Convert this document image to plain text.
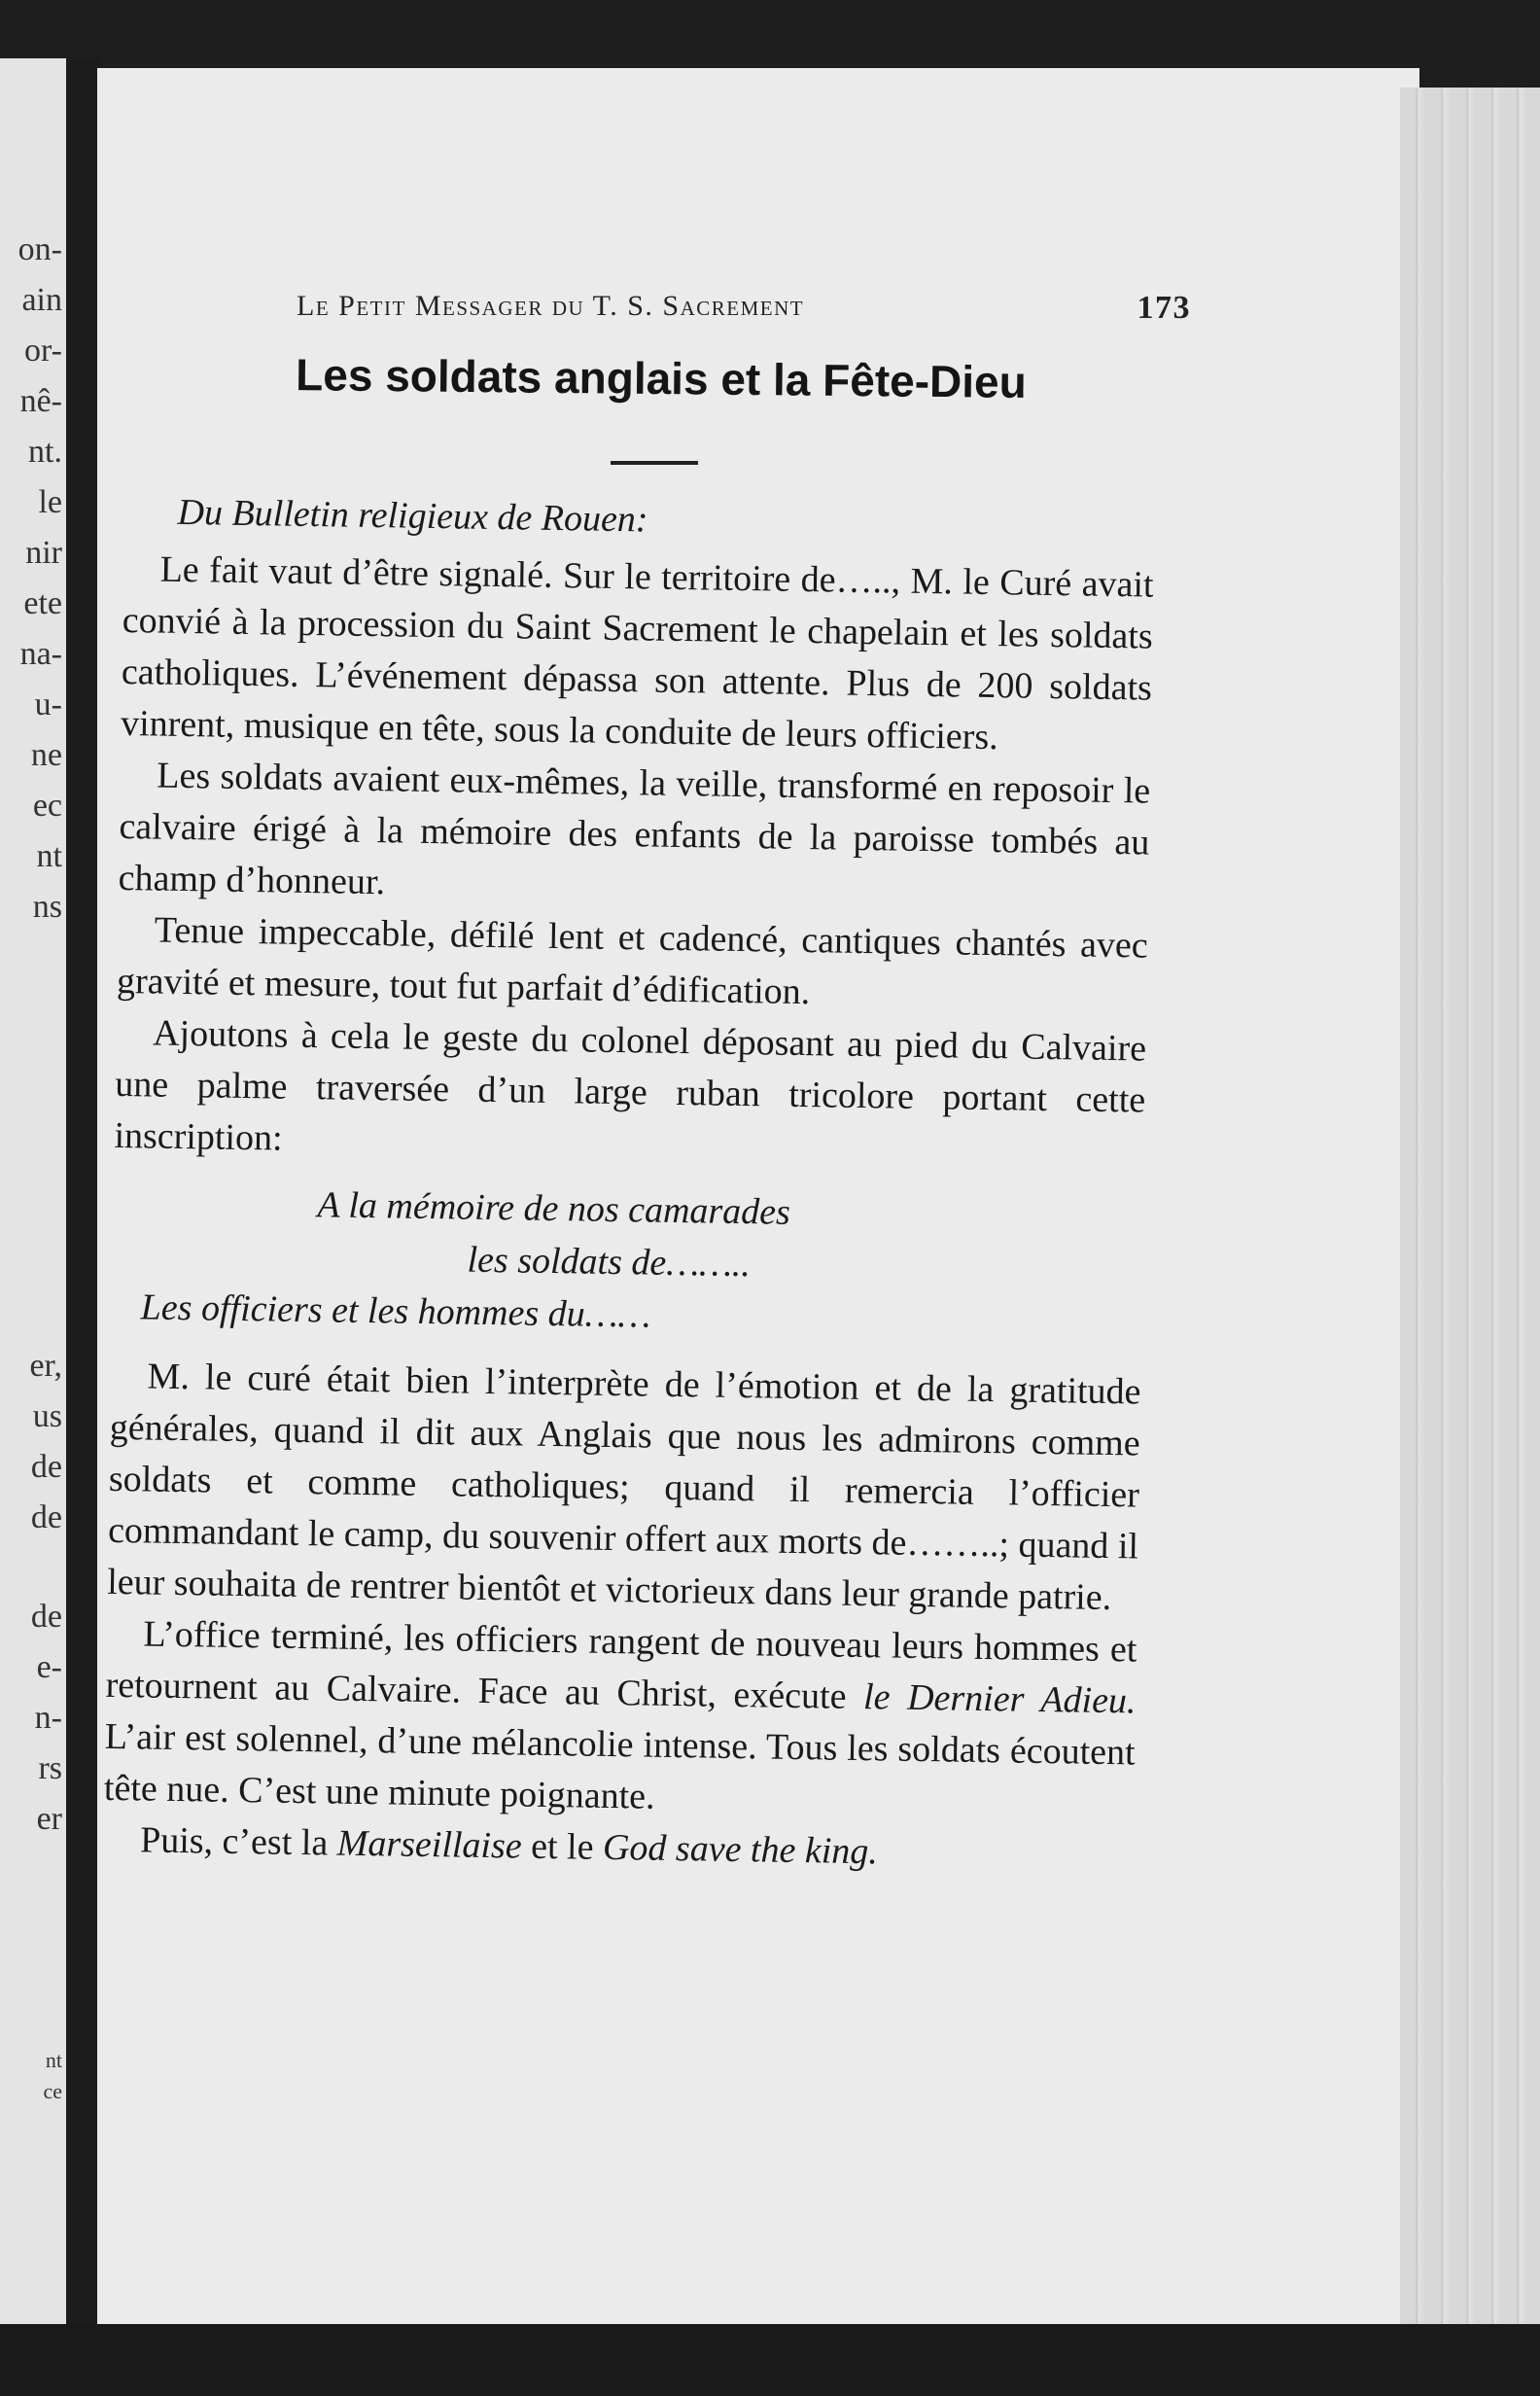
on-
ain
or-
nê-
nt.
le
nir
ete
na-
u-
ne
ec
nt
ns
er,
us
de
de
de
e-
n-
rs
er
nt
ce
Le Petit Messager du T. S. Sacrement	173
Les soldats anglais et la Fête-Dieu

Du Bulletin religieux de Rouen:

Le fait vaut d’être signalé. Sur le territoire de….., M. le Curé avait convié à la procession du Saint Sacrement le chapelain et les soldats catholiques. L’événement dépassa son attente. Plus de 200 soldats vinrent, musique en tête, sous la conduite de leurs officiers.

Les soldats avaient eux-mêmes, la veille, transformé en reposoir le calvaire érigé à la mémoire des enfants de la paroisse tombés au champ d’honneur.

Tenue impeccable, défilé lent et cadencé, cantiques chantés avec gravité et mesure, tout fut parfait d’édification.

Ajoutons à cela le geste du colonel déposant au pied du Calvaire une palme traversée d’un large ruban tricolore portant cette inscription:

A la mémoire de nos camarades
les soldats de……..
Les officiers et les hommes du……

M. le curé était bien l’interprète de l’émotion et de la gratitude générales, quand il dit aux Anglais que nous les admirons comme soldats et comme catholiques; quand il remercia l’officier commandant le camp, du souvenir offert aux morts de……..; quand il leur souhaita de rentrer bientôt et victorieux dans leur grande patrie.

L’office terminé, les officiers rangent de nouveau leurs hommes et retournent au Calvaire. Face au Christ, exécute le Dernier Adieu. L’air est solennel, d’une mélancolie intense. Tous les soldats écoutent tête nue. C’est une minute poignante.

Puis, c’est la Marseillaise et le God save the king.
